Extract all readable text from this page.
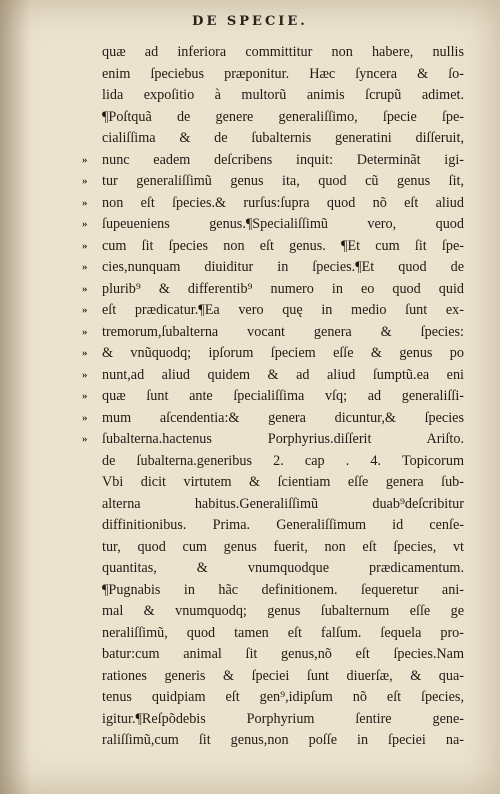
DE SPECIE.
quæ ad inferiora committitur non habere, nullis
enim ſpeciebus præponitur. Hæc ſyncera & ſo-
lida expoſitio à multorũ animis ſcrupũ adimet.
¶Poſtquã de genere generaliſſimo, ſpecie ſpe-
cialiſſima & de ſubalternis generatini diſſeruit,
» nunc eadem deſcribens inquit: Determinãt igi-
» tur generaliſſimũ genus ita, quod cũ genus ſit,
» non eſt ſpecies.& rurſus:ſupra quod nõ eſt aliud
» ſupeueniens genus.¶Specialiſſimũ vero, quod
» cum ſit ſpecies non eſt genus. ¶Et cum ſit ſpe-
» cies,nunquam diuiditur in ſpecies.¶Et quod de
» plurib⁹ & differentib⁹ numero in eo quod quid
» eſt prædicatur.¶Ea vero quę in medio ſunt ex-
» tremorum,ſubalterna vocant genera & ſpecies:
» & vnũquodq; ipſorum ſpeciem eſſe & genus po
» nunt,ad aliud quidem & ad aliud ſumptũ.ea eni
» quæ ſunt ante ſpecialiſſima vſq; ad generaliſſi-
» mum aſcendentia:& genera dicuntur,& ſpecies
» ſubalterna.hactenus Porphyrius.diſſerit Ariſto.
de ſubalterna.generibus 2. cap . 4. Topicorum
Vbi dicit virtutem & ſcientiam eſſe genera ſub-
alterna habitus.Generaliſſimũ duab⁹deſcribitur
diffinitionibus. Prima. Generaliſſimum id cenſe-
tur, quod cum genus fuerit, non eſt ſpecies, vt
quantitas, & vnumquodque prædicamentum.
¶Pugnabis in hãc definitionem. ſequeretur ani-
mal & vnumquodq; genus ſubalternum eſſe ge
neraliſſimũ, quod tamen eſt falſum. ſequela pro-
batur:cum animal ſit genus,nõ eſt ſpecies.Nam
rationes generis & ſpeciei ſunt diuerſæ, & qua-
tenus quidpiam eſt gen⁹,idipſum nõ eſt ſpecies,
igitur.¶Reſpõdebis Porphyrium ſentire gene-
raliſſimũ,cum ſit genus,non poſſe in ſpeciei na-
